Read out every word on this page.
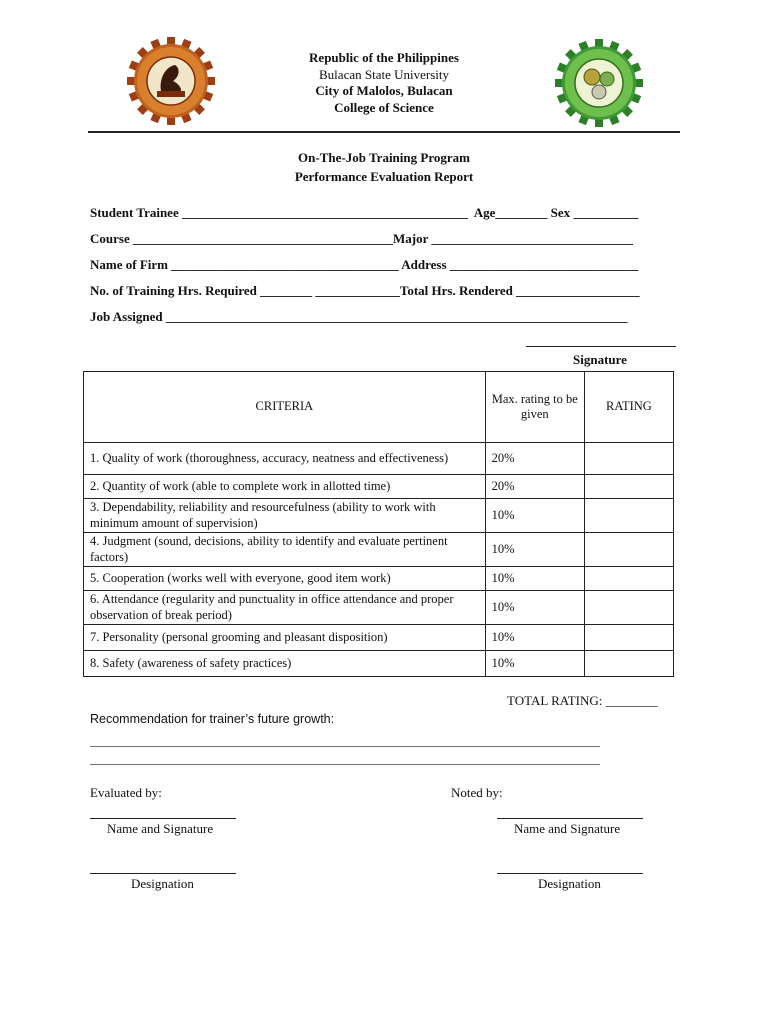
Republic of the Philippines
Bulacan State University
City of Malolos, Bulacan
College of Science
On-The-Job Training Program
Performance Evaluation Report
Student Trainee ____________________________________________  Age________ Sex __________
Course ________________________________________Major _______________________________
Name of Firm ___________________________________ Address _____________________________
No. of Training Hrs. Required ________ _____________Total Hrs. Rendered ___________________
Job Assigned _______________________________________________________________________
Signature
CRITERIA	Max. rating to be given	RATING
1. Quality of work (thoroughness, accuracy, neatness and effectiveness)	20%	
2. Quantity of work (able to complete work in allotted time)	20%	
3. Dependability, reliability and resourcefulness (ability to work with minimum amount of supervision)	10%	
4. Judgment (sound, decisions, ability to identify and evaluate pertinent factors)	10%	
5. Cooperation (works well with everyone, good item work)	10%	
6. Attendance (regularity and punctuality in office attendance and proper observation of break period)	10%	
7. Personality (personal grooming and pleasant disposition)	10%	
8. Safety (awareness of safety practices)	10%	
TOTAL RATING: ________
Recommendation for trainer’s future growth:
_____________________________________________________________________________________
_____________________________________________________________________________________
Evaluated by:	Noted by:
Name and Signature	Name and Signature
Designation	Designation
